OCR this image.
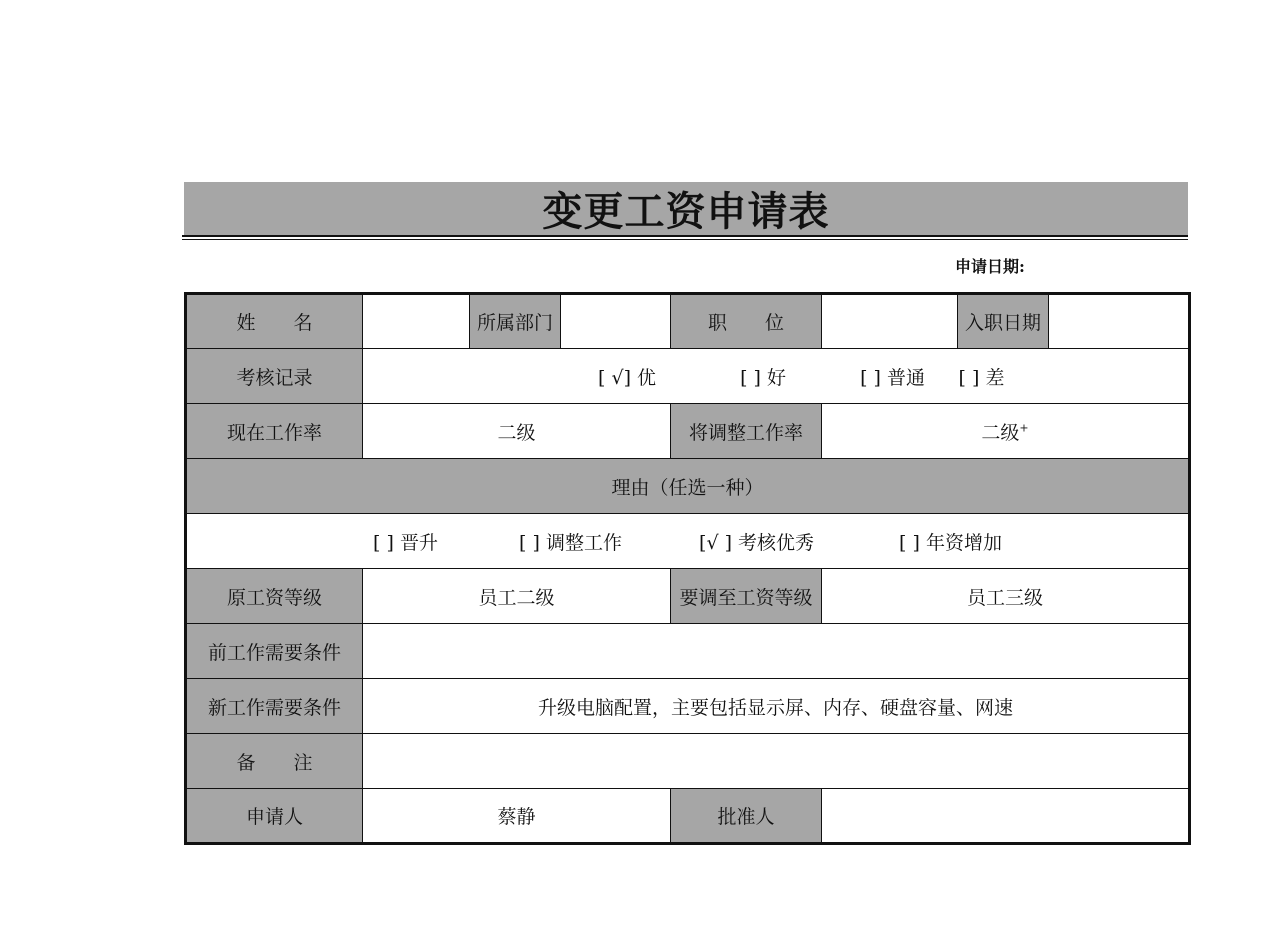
变更工资申请表
申请日期:
姓　　名		所属部门		职　　位		入职日期	
考核记录	[ √] 优 [ ] 好 [ ] 普通 [ ] 差						
现在工作率	二级			将调整工作率	二级+
理由（任选一种）							
[ ] 晋升 [ ] 调整工作 [√ ] 考核优秀 [ ] 年资增加							
原工资等级	员工二级			要调至工资等级	员工三级		
前工作需要条件							
新工作需要条件	升级电脑配置，主要包括显示屏、内存、硬盘容量、网速						
备　　注							
申请人	蔡静			批准人			
